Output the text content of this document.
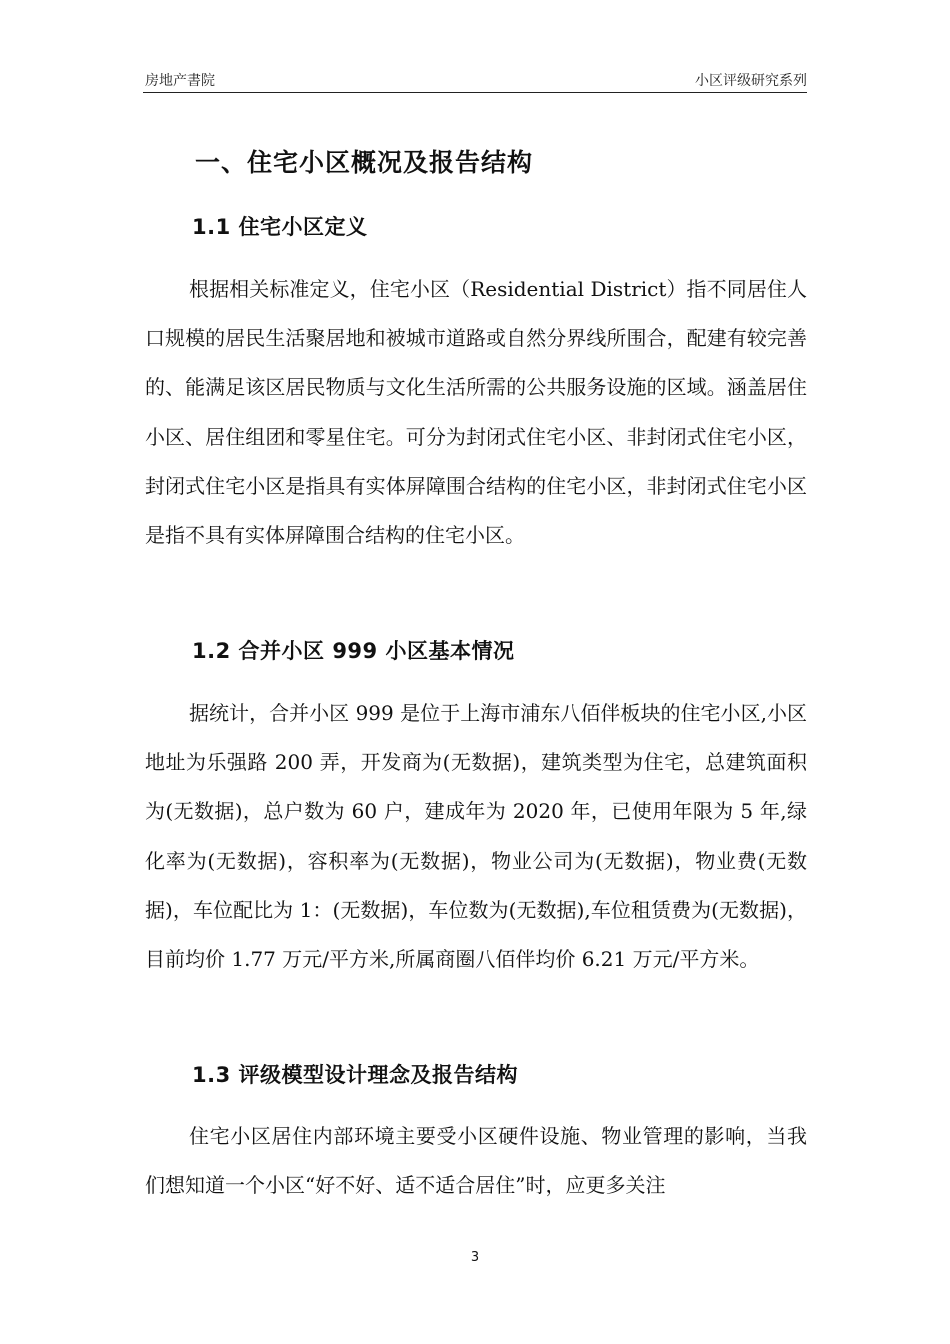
房地产書院	小区评级研究系列
一、住宅小区概况及报告结构
1.1 住宅小区定义

根据相关标准定义，住宅小区（Residential District）指不同居住人口规模的居民生活聚居地和被城市道路或自然分界线所围合，配建有较完善的、能满足该区居民物质与文化生活所需的公共服务设施的区域。涵盖居住小区、居住组团和零星住宅。可分为封闭式住宅小区、非封闭式住宅小区，封闭式住宅小区是指具有实体屏障围合结构的住宅小区，非封闭式住宅小区是指不具有实体屏障围合结构的住宅小区。

1.2 合并小区 999 小区基本情况

据统计，合并小区 999 是位于上海市浦东八佰伴板块的住宅小区,小区地址为乐强路 200 弄，开发商为(无数据)，建筑类型为住宅，总建筑面积为(无数据)，总户数为 60 户，建成年为 2020 年，已使用年限为 5 年,绿化率为(无数据)，容积率为(无数据)，物业公司为(无数据)，物业费(无数据)，车位配比为 1：(无数据)，车位数为(无数据),车位租赁费为(无数据)，目前均价 1.77 万元/平方米,所属商圈八佰伴均价 6.21 万元/平方米。

1.3 评级模型设计理念及报告结构

住宅小区居住内部环境主要受小区硬件设施、物业管理的影响，当我们想知道一个小区“好不好、适不适合居住”时，应更多关注

3
